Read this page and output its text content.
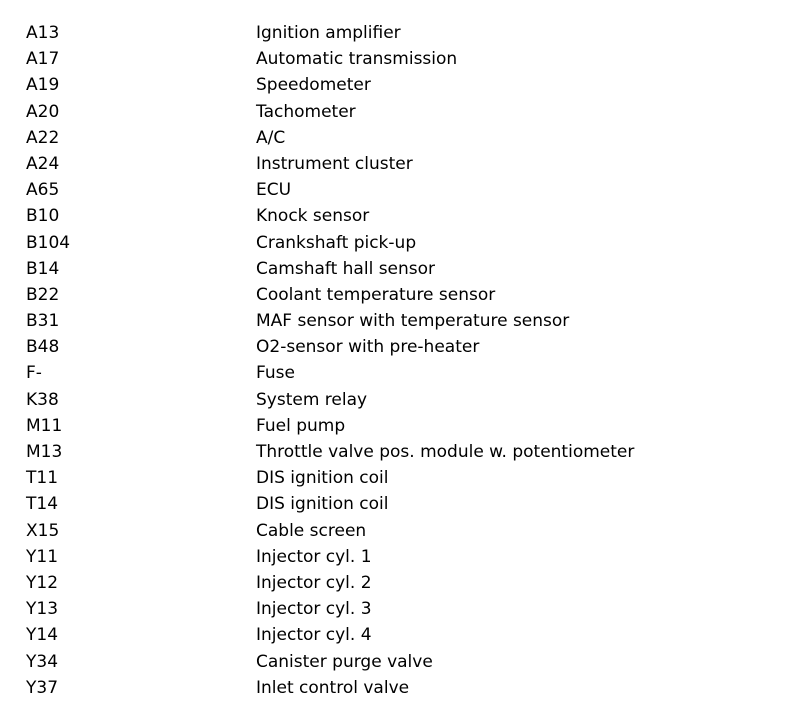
A13	Ignition amplifier
A17	Automatic transmission
A19	Speedometer
A20	Tachometer
A22	A/C
A24	Instrument cluster
A65	ECU
B10	Knock sensor
B104	Crankshaft pick-up
B14	Camshaft hall sensor
B22	Coolant temperature sensor
B31	MAF sensor with temperature sensor
B48	O2-sensor with pre-heater
F-	Fuse
K38	System relay
M11	Fuel pump
M13	Throttle valve pos. module w. potentiometer
T11	DIS ignition coil
T14	DIS ignition coil
X15	Cable screen
Y11	Injector cyl. 1
Y12	Injector cyl. 2
Y13	Injector cyl. 3
Y14	Injector cyl. 4
Y34	Canister purge valve
Y37	Inlet control valve
